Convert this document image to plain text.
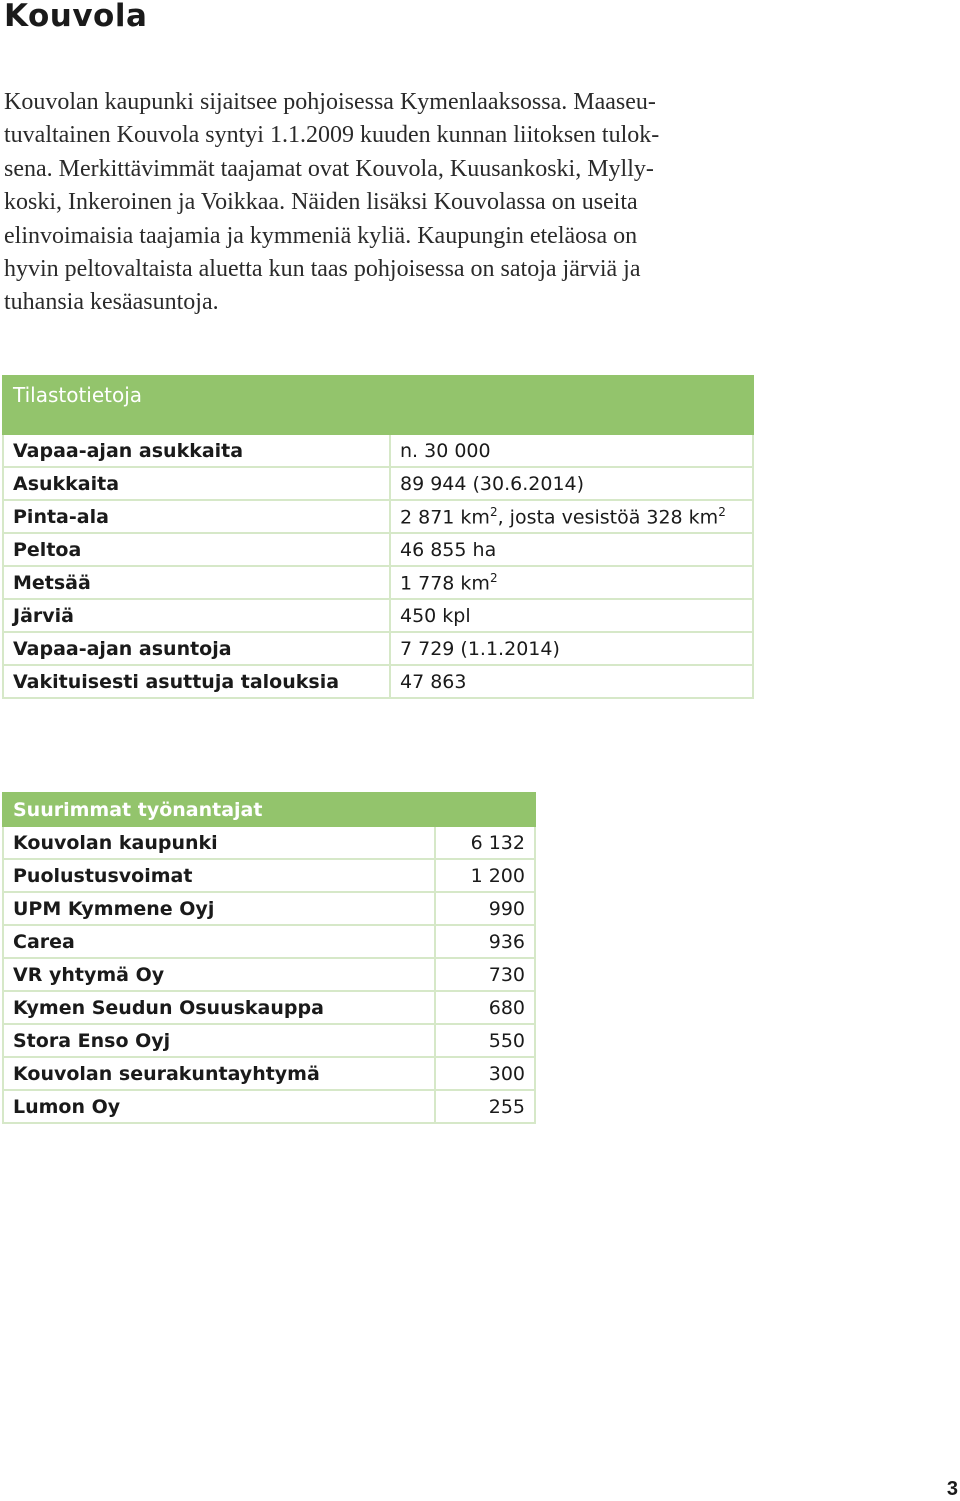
Kouvola
Kouvolan kaupunki sijaitsee pohjoisessa Kymenlaaksossa. Maaseu-
tuvaltainen Kouvola syntyi 1.1.2009 kuuden kunnan liitoksen tulok-
sena. Merkittävimmät taajamat ovat Kouvola, Kuusankoski, Mylly-
koski, Inkeroinen ja Voikkaa. Näiden lisäksi Kouvolassa on useita
elinvoimaisia taajamia ja kymmeniä kyliä. Kaupungin eteläosa on
hyvin peltovaltaista aluetta kun taas pohjoisessa on satoja järviä ja
tuhansia kesäasuntoja.
Tilastotietoja	
Vapaa-ajan asukkaita	n. 30 000
Asukkaita	89 944 (30.6.2014)
Pinta-ala	2 871 $km^2$, josta vesistöä 328 $km^2$
Peltoa	46 855 ha
Metsää	1 778 $km^2$
Järviä	450 kpl
Vapaa-ajan asuntoja	7 729 (1.1.2014)
Vakituisesti asuttuja talouksia	47 863
Suurimmat työnantajat	
Kouvolan kaupunki	6 132
Puolustusvoimat	1 200
UPM Kymmene Oyj	990
Carea	936
VR yhtymä Oy	730
Kymen Seudun Osuuskauppa	680
Stora Enso Oyj	550
Kouvolan seurakuntayhtymä	300
Lumon Oy	255
3
